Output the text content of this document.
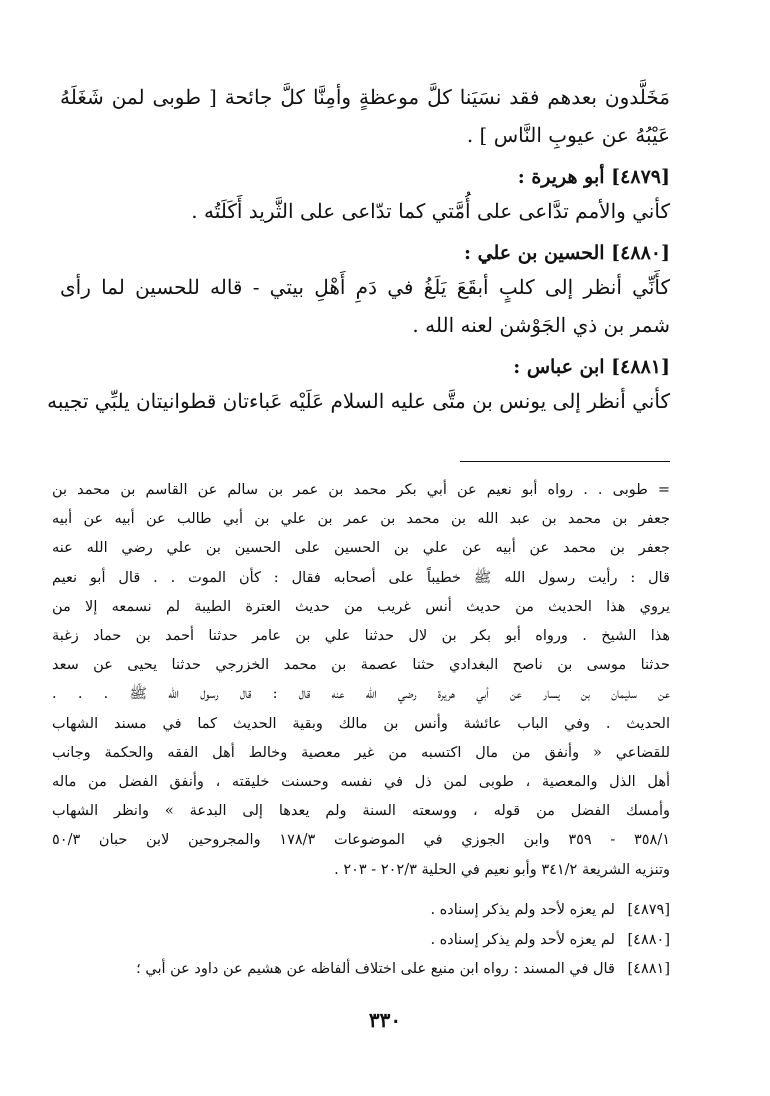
مَخَلَّدون بعدهم فقد نسَيَنا كلَّ موعظةٍ وأمِنَّا كلَّ جائحة [ طوبى لمن شَغَلَهُ
عَيْبُهُ عن عيوبِ النَّاس ] .
[٤٨٧٩] أبو هريرة :
كأني والأمم تدَّاعى على أُمَّتي كما تدّاعى على الثَّريد أَكَلَتُه .
[٤٨٨٠] الحسين بن علي :
كأَنِّي أنظر إلى كلبٍ أبقَعَ يَلَغُ في دَمِ أَهْلِ بيتي - قاله للحسين لما رأى
شمر بن ذي الجَوْشن لعنه الله .
[٤٨٨١] ابن عباس :
كأني أنظر إلى يونس بن متَّى عليه السلام عَلَيْه عَباءتان قطوانيتان يلبِّي تجيبه
= طوبى . . رواه أبو نعيم عن أبي بكر محمد بن عمر بن سالم عن القاسم بن محمد بن
جعفر بن محمد بن عبد الله بن محمد بن عمر بن علي بن أبي طالب عن أبيه عن أبيه
جعفر بن محمد عن أبيه عن علي بن الحسين على الحسين بن علي رضي الله عنه
قال : رأيت رسول الله ﷺ خطيباً على أصحابه فقال : كأن الموت . . قال أبو نعيم
يروي هذا الحديث من حديث أنس غريب من حديث العترة الطيبة لم نسمعه إلا من
هذا الشيخ . ورواه أبو بكر بن لال حدثنا علي بن عامر حدثنا أحمد بن حماد زغبة
حدثنا موسى بن ناصح البغدادي حثنا عصمة بن محمد الخزرجي حدثنا يحيى عن سعد
عن سليمان بن يسار عن أبي هريرة رضي الله عنه قال : قال رسول الله ﷺ . . .
الحديث . وفي الباب عائشة وأنس بن مالك وبقية الحديث كما في مسند الشهاب
للقضاعي « وأنفق من مال اكتسبه من غير معصية وخالط أهل الفقه والحكمة وجانب
أهل الذل والمعصية ، طوبى لمن ذل في نفسه وحسنت خليقته ، وأنفق الفضل من ماله
وأمسك الفضل من قوله ، ووسعته السنة ولم يعدها إلى البدعة » وانظر الشهاب
٣٥٨/١ - ٣٥٩ وابن الجوزي في الموضوعات ١٧٨/٣ والمجروحين لابن حبان ٥٠/٣
وتنزيه الشريعة ٣٤١/٢ وأبو نعيم في الحلية ٢٠٢/٣ - ٢٠٣ .
[٤٨٧٩] لم يعزه لأحد ولم يذكر إسناده .
[٤٨٨٠] لم يعزه لأحد ولم يذكر إسناده .
[٤٨٨١] قال في المسند : رواه ابن منيع على اختلاف ألفاظه عن هشيم عن داود عن أبي ؛
٣٣٠
